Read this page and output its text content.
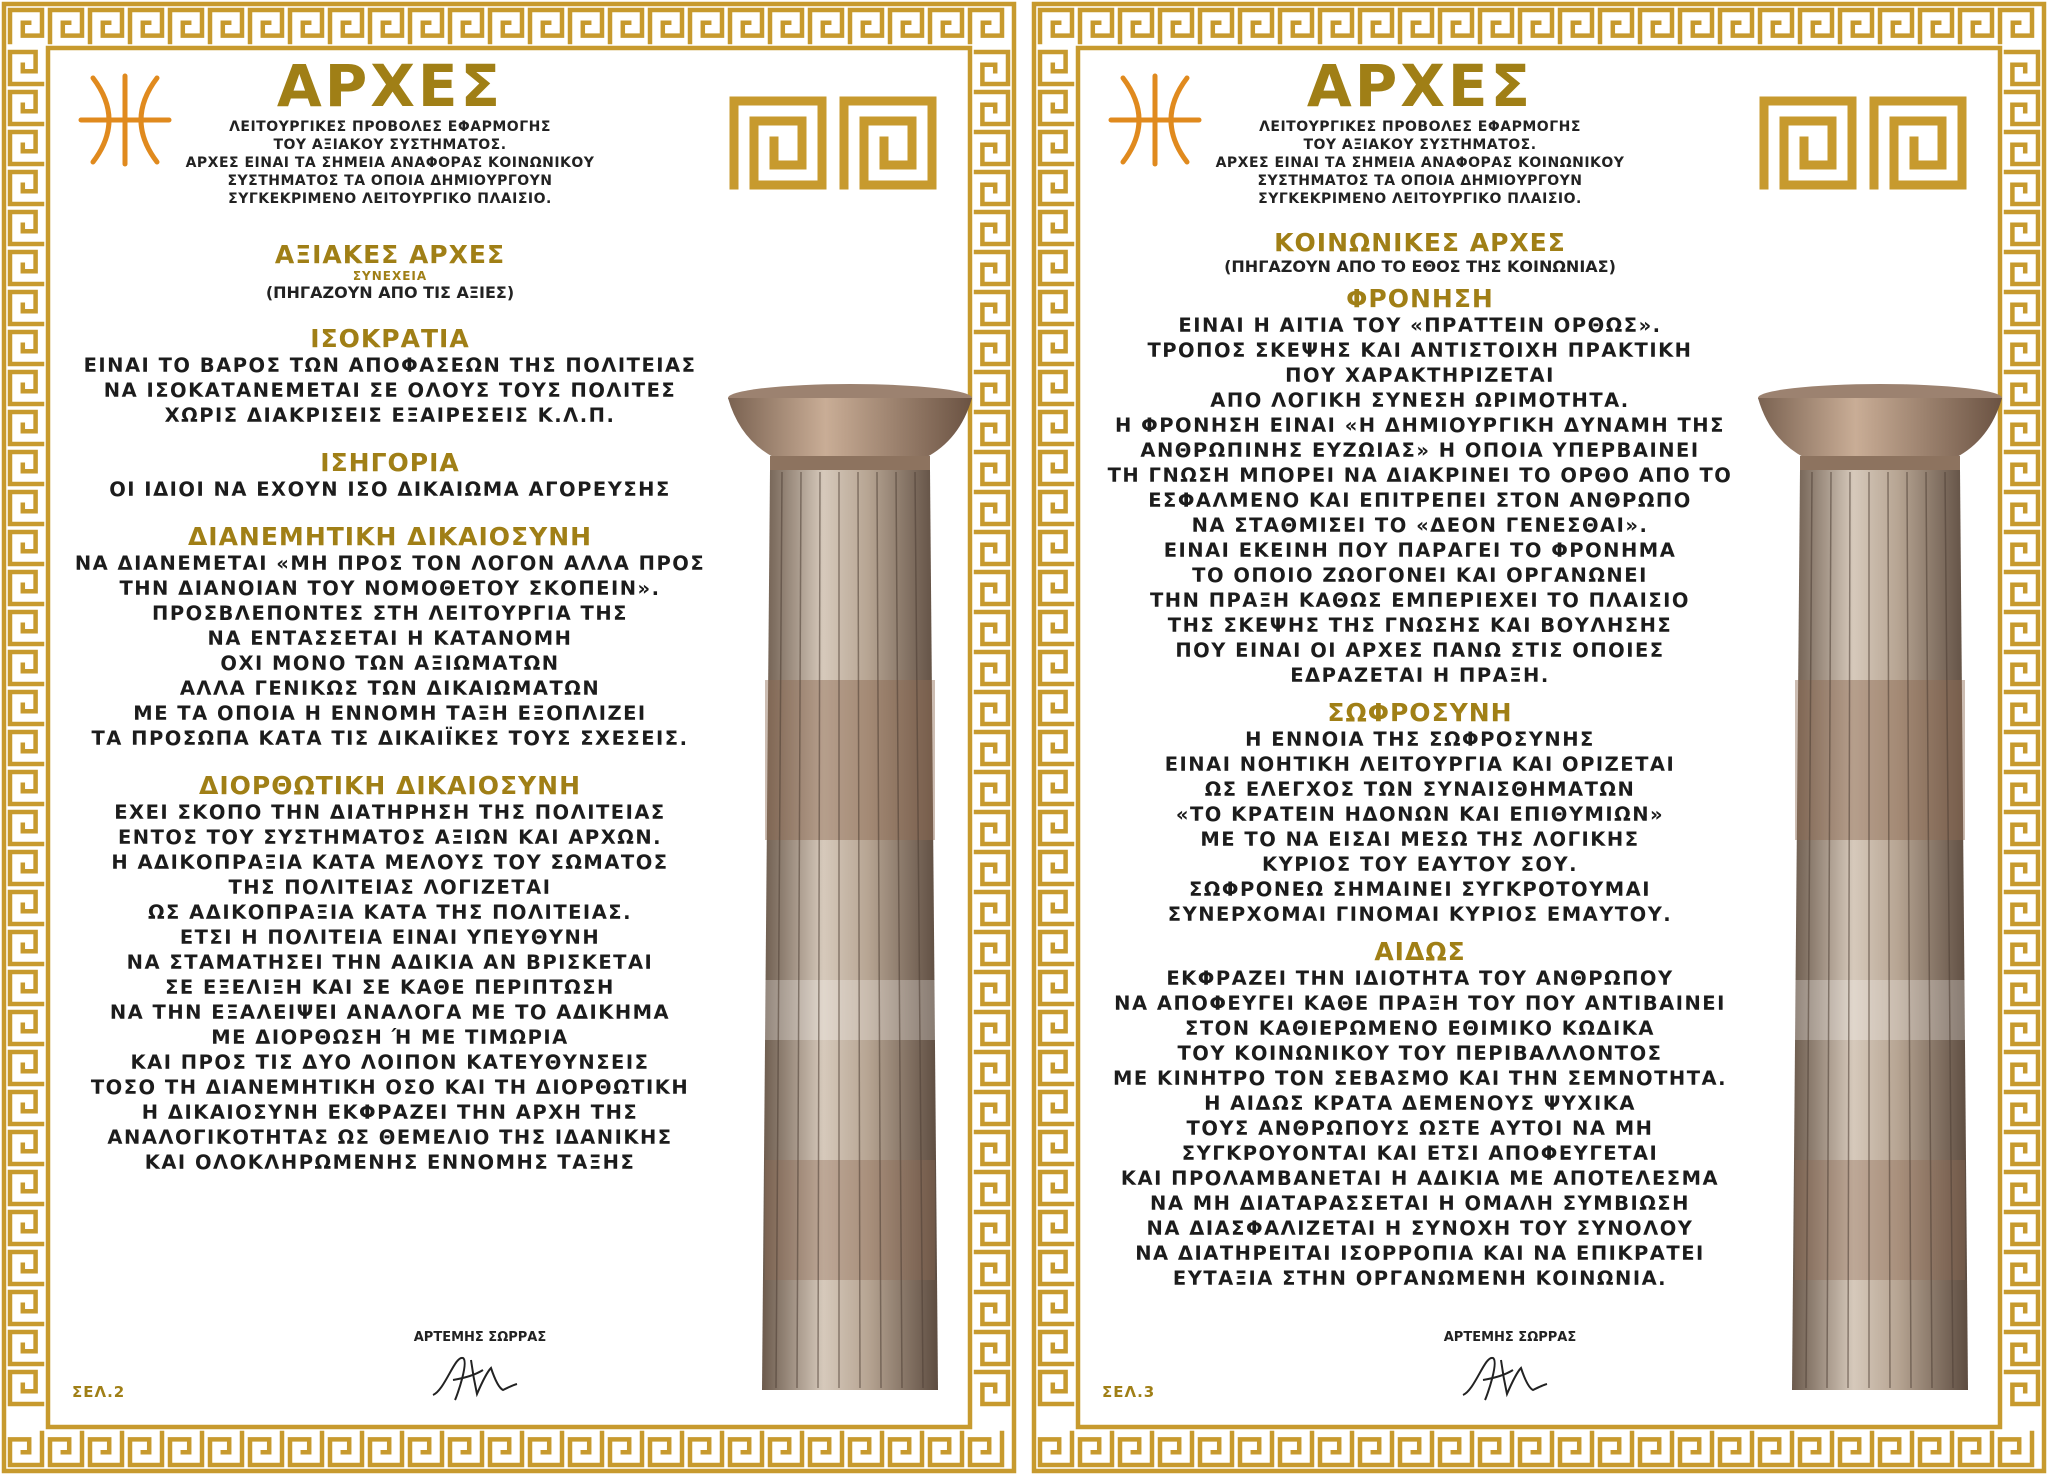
ΑΡΧΕΣ
ΛΕΙΤΟΥΡΓΙΚΕΣ ΠΡΟΒΟΛΕΣ ΕΦΑΡΜΟΓΗΣ
ΤΟΥ ΑΞΙΑΚΟΥ ΣΥΣΤΗΜΑΤΟΣ.
ΑΡΧΕΣ ΕΙΝΑΙ ΤΑ ΣΗΜΕΙΑ ΑΝΑΦΟΡΑΣ ΚΟΙΝΩΝΙΚΟΥ
ΣΥΣΤΗΜΑΤΟΣ ΤΑ ΟΠΟΙΑ ΔΗΜΙΟΥΡΓΟΥΝ
ΣΥΓΚΕΚΡΙΜΕΝΟ ΛΕΙΤΟΥΡΓΙΚΟ ΠΛΑΙΣΙΟ.
ΑΞΙΑΚΕΣ ΑΡΧΕΣ
ΣΥΝΕΧΕΙΑ
(ΠΗΓΑΖΟΥΝ ΑΠΟ ΤΙΣ ΑΞΙΕΣ)
ΙΣΟΚΡΑΤΙΑ
ΕΙΝΑΙ ΤΟ ΒΑΡΟΣ ΤΩΝ ΑΠΟΦΑΣΕΩΝ ΤΗΣ ΠΟΛΙΤΕΙΑΣ
ΝΑ ΙΣΟΚΑΤΑΝΕΜΕΤΑΙ ΣΕ ΟΛΟΥΣ ΤΟΥΣ ΠΟΛΙΤΕΣ
ΧΩΡΙΣ ΔΙΑΚΡΙΣΕΙΣ ΕΞΑΙΡΕΣΕΙΣ Κ.Λ.Π.
ΙΣΗΓΟΡΙΑ
ΟΙ ΙΔΙΟΙ ΝΑ ΕΧΟΥΝ ΙΣΟ ΔΙΚΑΙΩΜΑ ΑΓΟΡΕΥΣΗΣ
ΔΙΑΝΕΜΗΤΙΚΗ ΔΙΚΑΙΟΣΥΝΗ
ΝΑ ΔΙΑΝΕΜΕΤΑΙ «ΜΗ ΠΡΟΣ ΤΟΝ ΛΟΓΟΝ ΑΛΛΑ ΠΡΟΣ
ΤΗΝ ΔΙΑΝΟΙΑΝ ΤΟΥ ΝΟΜΟΘΕΤΟΥ ΣΚΟΠΕΙΝ».
ΠΡΟΣΒΛΕΠΟΝΤΕΣ ΣΤΗ ΛΕΙΤΟΥΡΓΙΑ ΤΗΣ
ΝΑ ΕΝΤΑΣΣΕΤΑΙ Η ΚΑΤΑΝΟΜΗ
ΟΧΙ ΜΟΝΟ ΤΩΝ ΑΞΙΩΜΑΤΩΝ
ΑΛΛΑ ΓΕΝΙΚΩΣ ΤΩΝ ΔΙΚΑΙΩΜΑΤΩΝ
ΜΕ ΤΑ ΟΠΟΙΑ Η ΕΝΝΟΜΗ ΤΑΞΗ ΕΞΟΠΛΙΖΕΙ
ΤΑ ΠΡΟΣΩΠΑ ΚΑΤΑ ΤΙΣ ΔΙΚΑΙΪΚΕΣ ΤΟΥΣ ΣΧΕΣΕΙΣ.
ΔΙΟΡΘΩΤΙΚΗ ΔΙΚΑΙΟΣΥΝΗ
ΕΧΕΙ ΣΚΟΠΟ ΤΗΝ ΔΙΑΤΗΡΗΣΗ ΤΗΣ ΠΟΛΙΤΕΙΑΣ
ΕΝΤΟΣ ΤΟΥ ΣΥΣΤΗΜΑΤΟΣ ΑΞΙΩΝ ΚΑΙ ΑΡΧΩΝ.
Η ΑΔΙΚΟΠΡΑΞΙΑ ΚΑΤΑ ΜΕΛΟΥΣ ΤΟΥ ΣΩΜΑΤΟΣ
ΤΗΣ ΠΟΛΙΤΕΙΑΣ ΛΟΓΙΖΕΤΑΙ
ΩΣ ΑΔΙΚΟΠΡΑΞΙΑ ΚΑΤΑ ΤΗΣ ΠΟΛΙΤΕΙΑΣ.
ΕΤΣΙ Η ΠΟΛΙΤΕΙΑ ΕΙΝΑΙ ΥΠΕΥΘΥΝΗ
ΝΑ ΣΤΑΜΑΤΗΣΕΙ ΤΗΝ ΑΔΙΚΙΑ ΑΝ ΒΡΙΣΚΕΤΑΙ
ΣΕ ΕΞΕΛΙΞΗ ΚΑΙ ΣΕ ΚΑΘΕ ΠΕΡΙΠΤΩΣΗ
ΝΑ ΤΗΝ ΕΞΑΛΕΙΨΕΙ ΑΝΑΛΟΓΑ ΜΕ ΤΟ ΑΔΙΚΗΜΑ
ΜΕ ΔΙΟΡΘΩΣΗ Ή ΜΕ ΤΙΜΩΡΙΑ
ΚΑΙ ΠΡΟΣ ΤΙΣ ΔΥΟ ΛΟΙΠΟΝ ΚΑΤΕΥΘΥΝΣΕΙΣ
ΤΟΣΟ ΤΗ ΔΙΑΝΕΜΗΤΙΚΗ ΟΣΟ ΚΑΙ ΤΗ ΔΙΟΡΘΩΤΙΚΗ
Η ΔΙΚΑΙΟΣΥΝΗ ΕΚΦΡΑΖΕΙ ΤΗΝ ΑΡΧΗ ΤΗΣ
ΑΝΑΛΟΓΙΚΟΤΗΤΑΣ ΩΣ ΘΕΜΕΛΙΟ ΤΗΣ ΙΔΑΝΙΚΗΣ
ΚΑΙ ΟΛΟΚΛΗΡΩΜΕΝΗΣ ΕΝΝΟΜΗΣ ΤΑΞΗΣ
ΑΡΤΕΜΗΣ ΣΩΡΡΑΣ
ΣΕΛ.2
ΑΡΧΕΣ
ΛΕΙΤΟΥΡΓΙΚΕΣ ΠΡΟΒΟΛΕΣ ΕΦΑΡΜΟΓΗΣ
ΤΟΥ ΑΞΙΑΚΟΥ ΣΥΣΤΗΜΑΤΟΣ.
ΑΡΧΕΣ ΕΙΝΑΙ ΤΑ ΣΗΜΕΙΑ ΑΝΑΦΟΡΑΣ ΚΟΙΝΩΝΙΚΟΥ
ΣΥΣΤΗΜΑΤΟΣ ΤΑ ΟΠΟΙΑ ΔΗΜΙΟΥΡΓΟΥΝ
ΣΥΓΚΕΚΡΙΜΕΝΟ ΛΕΙΤΟΥΡΓΙΚΟ ΠΛΑΙΣΙΟ.
ΚΟΙΝΩΝΙΚΕΣ ΑΡΧΕΣ
(ΠΗΓΑΖΟΥΝ ΑΠΟ ΤΟ ΕΘΟΣ ΤΗΣ ΚΟΙΝΩΝΙΑΣ)
ΦΡΟΝΗΣΗ
ΕΙΝΑΙ Η ΑΙΤΙΑ ΤΟΥ «ΠΡΑΤΤΕΙΝ ΟΡΘΩΣ».
ΤΡΟΠΟΣ ΣΚΕΨΗΣ ΚΑΙ ΑΝΤΙΣΤΟΙΧΗ ΠΡΑΚΤΙΚΗ
ΠΟΥ ΧΑΡΑΚΤΗΡΙΖΕΤΑΙ
ΑΠΟ ΛΟΓΙΚΗ ΣΥΝΕΣΗ ΩΡΙΜΟΤΗΤΑ.
Η ΦΡΟΝΗΣΗ ΕΙΝΑΙ «Η ΔΗΜΙΟΥΡΓΙΚΗ ΔΥΝΑΜΗ ΤΗΣ
ΑΝΘΡΩΠΙΝΗΣ ΕΥΖΩΙΑΣ» Η ΟΠΟΙΑ ΥΠΕΡΒΑΙΝΕΙ
ΤΗ ΓΝΩΣΗ ΜΠΟΡΕΙ ΝΑ ΔΙΑΚΡΙΝΕΙ ΤΟ ΟΡΘΟ ΑΠΟ ΤΟ
ΕΣΦΑΛΜΕΝΟ ΚΑΙ ΕΠΙΤΡΕΠΕΙ ΣΤΟΝ ΑΝΘΡΩΠΟ
ΝΑ ΣΤΑΘΜΙΣΕΙ ΤΟ «ΔΕΟΝ ΓΕΝΕΣΘΑΙ».
ΕΙΝΑΙ ΕΚΕΙΝΗ ΠΟΥ ΠΑΡΑΓΕΙ ΤΟ ΦΡΟΝΗΜΑ
ΤΟ ΟΠΟΙΟ ΖΩΟΓΟΝΕΙ ΚΑΙ ΟΡΓΑΝΩΝΕΙ
ΤΗΝ ΠΡΑΞΗ ΚΑΘΩΣ ΕΜΠΕΡΙΕΧΕΙ ΤΟ ΠΛΑΙΣΙΟ
ΤΗΣ ΣΚΕΨΗΣ ΤΗΣ ΓΝΩΣΗΣ ΚΑΙ ΒΟΥΛΗΣΗΣ
ΠΟΥ ΕΙΝΑΙ ΟΙ ΑΡΧΕΣ ΠΑΝΩ ΣΤΙΣ ΟΠΟΙΕΣ
ΕΔΡΑΖΕΤΑΙ Η ΠΡΑΞΗ.
ΣΩΦΡΟΣΥΝΗ
Η ΕΝΝΟΙΑ ΤΗΣ ΣΩΦΡΟΣΥΝΗΣ
ΕΙΝΑΙ ΝΟΗΤΙΚΗ ΛΕΙΤΟΥΡΓΙΑ ΚΑΙ ΟΡΙΖΕΤΑΙ
ΩΣ ΕΛΕΓΧΟΣ ΤΩΝ ΣΥΝΑΙΣΘΗΜΑΤΩΝ
«ΤΟ ΚΡΑΤΕΙΝ ΗΔΟΝΩΝ ΚΑΙ ΕΠΙΘΥΜΙΩΝ»
ΜΕ ΤΟ ΝΑ ΕΙΣΑΙ ΜΕΣΩ ΤΗΣ ΛΟΓΙΚΗΣ
ΚΥΡΙΟΣ ΤΟΥ ΕΑΥΤΟΥ ΣΟΥ.
ΣΩΦΡΟΝΕΩ ΣΗΜΑΙΝΕΙ ΣΥΓΚΡΟΤΟΥΜΑΙ
ΣΥΝΕΡΧΟΜΑΙ ΓΙΝΟΜΑΙ ΚΥΡΙΟΣ ΕΜΑΥΤΟΥ.
ΑΙΔΩΣ
ΕΚΦΡΑΖΕΙ ΤΗΝ ΙΔΙΟΤΗΤΑ ΤΟΥ ΑΝΘΡΩΠΟΥ
ΝΑ ΑΠΟΦΕΥΓΕΙ ΚΑΘΕ ΠΡΑΞΗ ΤΟΥ ΠΟΥ ΑΝΤΙΒΑΙΝΕΙ
ΣΤΟΝ ΚΑΘΙΕΡΩΜΕΝΟ ΕΘΙΜΙΚΟ ΚΩΔΙΚΑ
ΤΟΥ ΚΟΙΝΩΝΙΚΟΥ ΤΟΥ ΠΕΡΙΒΑΛΛΟΝΤΟΣ
ΜΕ ΚΙΝΗΤΡΟ ΤΟΝ ΣΕΒΑΣΜΟ ΚΑΙ ΤΗΝ ΣΕΜΝΟΤΗΤΑ.
Η ΑΙΔΩΣ ΚΡΑΤΑ ΔΕΜΕΝΟΥΣ ΨΥΧΙΚΑ
ΤΟΥΣ ΑΝΘΡΩΠΟΥΣ ΩΣΤΕ ΑΥΤΟΙ ΝΑ ΜΗ
ΣΥΓΚΡΟΥΟΝΤΑΙ ΚΑΙ ΕΤΣΙ ΑΠΟΦΕΥΓΕΤΑΙ
ΚΑΙ ΠΡΟΛΑΜΒΑΝΕΤΑΙ Η ΑΔΙΚΙΑ ΜΕ ΑΠΟΤΕΛΕΣΜΑ
ΝΑ ΜΗ ΔΙΑΤΑΡΑΣΣΕΤΑΙ Η ΟΜΑΛΗ ΣΥΜΒΙΩΣΗ
ΝΑ ΔΙΑΣΦΑΛΙΖΕΤΑΙ Η ΣΥΝΟΧΗ ΤΟΥ ΣΥΝΟΛΟΥ
ΝΑ ΔΙΑΤΗΡΕΙΤΑΙ ΙΣΟΡΡΟΠΙΑ ΚΑΙ ΝΑ ΕΠΙΚΡΑΤΕΙ
ΕΥΤΑΞΙΑ ΣΤΗΝ ΟΡΓΑΝΩΜΕΝΗ ΚΟΙΝΩΝΙΑ.
ΑΡΤΕΜΗΣ ΣΩΡΡΑΣ
ΣΕΛ.3
